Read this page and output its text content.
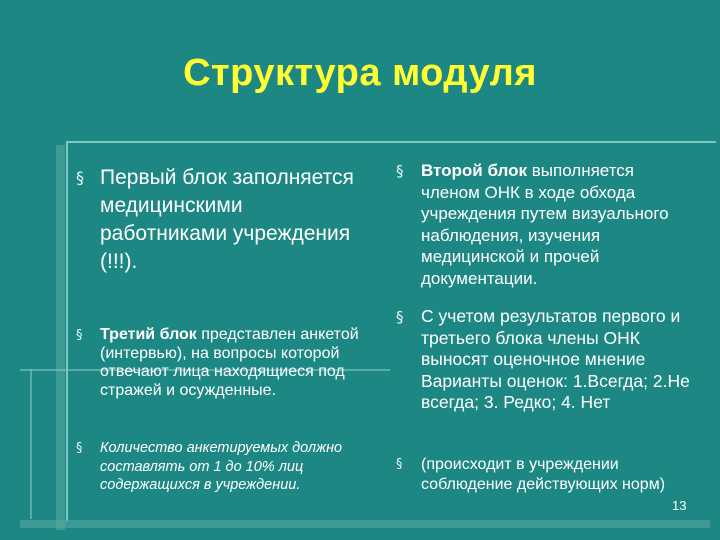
Структура модуля
§ Первый блок заполняется медицинскими работниками учреждения (!!!).
§ Третий блок представлен анкетой (интервью), на вопросы которой отвечают лица находящиеся под стражей и осужденные.
§ Количество анкетируемых должно составлять от 1 до 10% лиц содержащихся в учреждении.
§ Второй блок выполняется членом ОНК в ходе обхода учреждения путем визуального наблюдения, изучения медицинской и прочей документации.
§ С учетом результатов первого и третьего блока члены ОНК выносят оценочное мнение Варианты оценок: 1.Всегда; 2.Не всегда; 3. Редко; 4. Нет
§ (происходит в учреждении соблюдение действующих норм)
13
